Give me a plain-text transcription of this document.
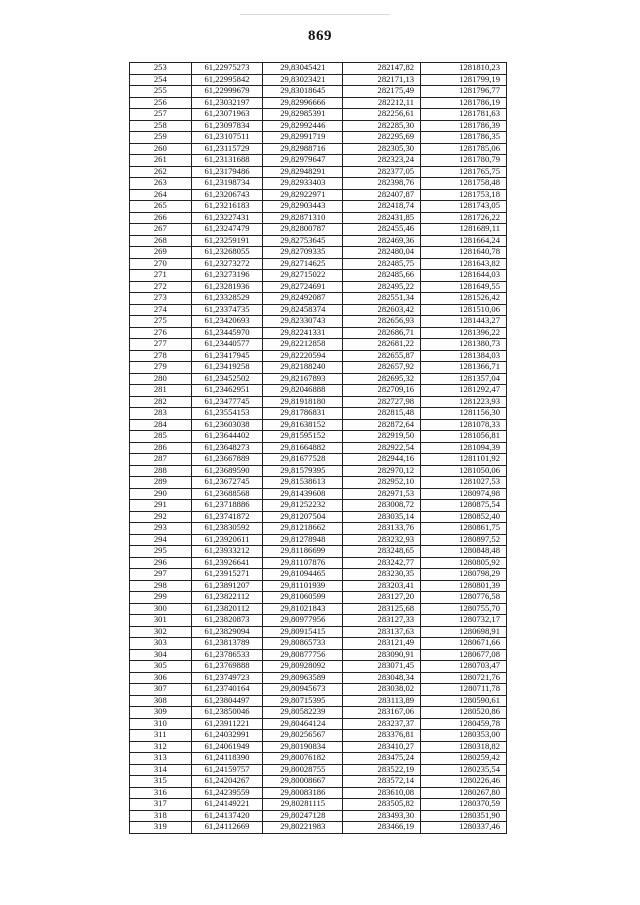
869
253	61,22975273	29,83045421	282147,82	1281810,23
254	61,22995842	29,83023421	282171,13	1281799,19
255	61,22999679	29,83018645	282175,49	1281796,77
256	61,23032197	29,82996666	282212,11	1281786,19
257	61,23071963	29,82985391	282256,61	1281781,63
258	61,23097834	29,82992446	282285,30	1281786,39
259	61,23107511	29,82991719	282295,69	1281786,35
260	61,23115729	29,82988716	282305,30	1281785,06
261	61,23131688	29,82979647	282323,24	1281780,79
262	61,23179486	29,82948291	282377,05	1281765,75
263	61,23198734	29,82933403	282398,76	1281758,48
264	61,23206743	29,82922971	282407,87	1281753,18
265	61,23216183	29,82903443	282418,74	1281743,05
266	61,23227431	29,82871310	282431,85	1281726,22
267	61,23247479	29,82800787	282455,46	1281689,11
268	61,23259191	29,82753645	282469,36	1281664,24
269	61,23268055	29,82709335	282480,04	1281640,78
270	61,23273272	29,82714625	282485,75	1281643,82
271	61,23273196	29,82715022	282485,66	1281644,03
272	61,23281936	29,82724691	282495,22	1281649,55
273	61,23328529	29,82492087	282551,34	1281526,42
274	61,23374735	29,82458374	282603,42	1281510,06
275	61,23420693	29,82330743	282656,93	1281443,27
276	61,23445970	29,82241331	282686,71	1281396,22
277	61,23440577	29,82212858	282681,22	1281380,73
278	61,23417945	29,82220594	282655,87	1281384,03
279	61,23419258	29,82188240	282657,92	1281366,71
280	61,23452502	29,82167893	282695,32	1281357,04
281	61,23462951	29,82046888	282709,16	1281292,47
282	61,23477745	29,81918180	282727,98	1281223,93
283	61,23554153	29,81786831	282815,48	1281156,30
284	61,23603038	29,81638152	282872,64	1281078,33
285	61,23644402	29,81595152	282919,50	1281056,81
286	61,23648273	29,81664882	282922,54	1281094,39
287	61,23667889	29,81677528	282944,16	1281101,92
288	61,23689590	29,81579395	282970,12	1281050,06
289	61,23672745	29,81538613	282952,10	1281027,53
290	61,23688568	29,81439608	282971,53	1280974,98
291	61,23718886	29,81252232	283008,72	1280875,54
292	61,23741872	29,81207504	283035,14	1280852,40
293	61,23830592	29,81218662	283133,76	1280861,75
294	61,23920611	29,81278948	283232,93	1280897,52
295	61,23933212	29,81186699	283248,65	1280848,48
296	61,23926641	29,81107876	283242,77	1280805,92
297	61,23915271	29,81094465	283230,35	1280798,29
298	61,23891207	29,81101939	283203,41	1280801,39
299	61,23822112	29,81060599	283127,20	1280776,58
300	61,23820112	29,81021843	283125,68	1280755,70
301	61,23820873	29,80977956	283127,33	1280732,17
302	61,23829094	29,80915415	283137,63	1280698,91
303	61,23813789	29,80865733	283121,49	1280671,66
304	61,23786533	29,80877756	283090,91	1280677,08
305	61,23769888	29,80928092	283071,45	1280703,47
306	61,23749723	29,80963589	283048,34	1280721,76
307	61,23740164	29,80945673	283038,02	1280711,78
308	61,23804497	29,80715395	283113,89	1280590,61
309	61,23850046	29,80582239	283167,06	1280520,86
310	61,23911221	29,80464124	283237,37	1280459,78
311	61,24032991	29,80256567	283376,81	1280353,00
312	61,24061949	29,80190834	283410,27	1280318,82
313	61,24118390	29,80076182	283475,24	1280259,42
314	61,24159757	29,80028755	283522,19	1280235,54
315	61,24204267	29,80008667	283572,14	1280226,46
316	61,24239559	29,80083186	283610,08	1280267,80
317	61,24149221	29,80281115	283505,82	1280370,59
318	61,24137420	29,80247128	283493,30	1280351,90
319	61,24112669	29,80221983	283466,19	1280337,46
